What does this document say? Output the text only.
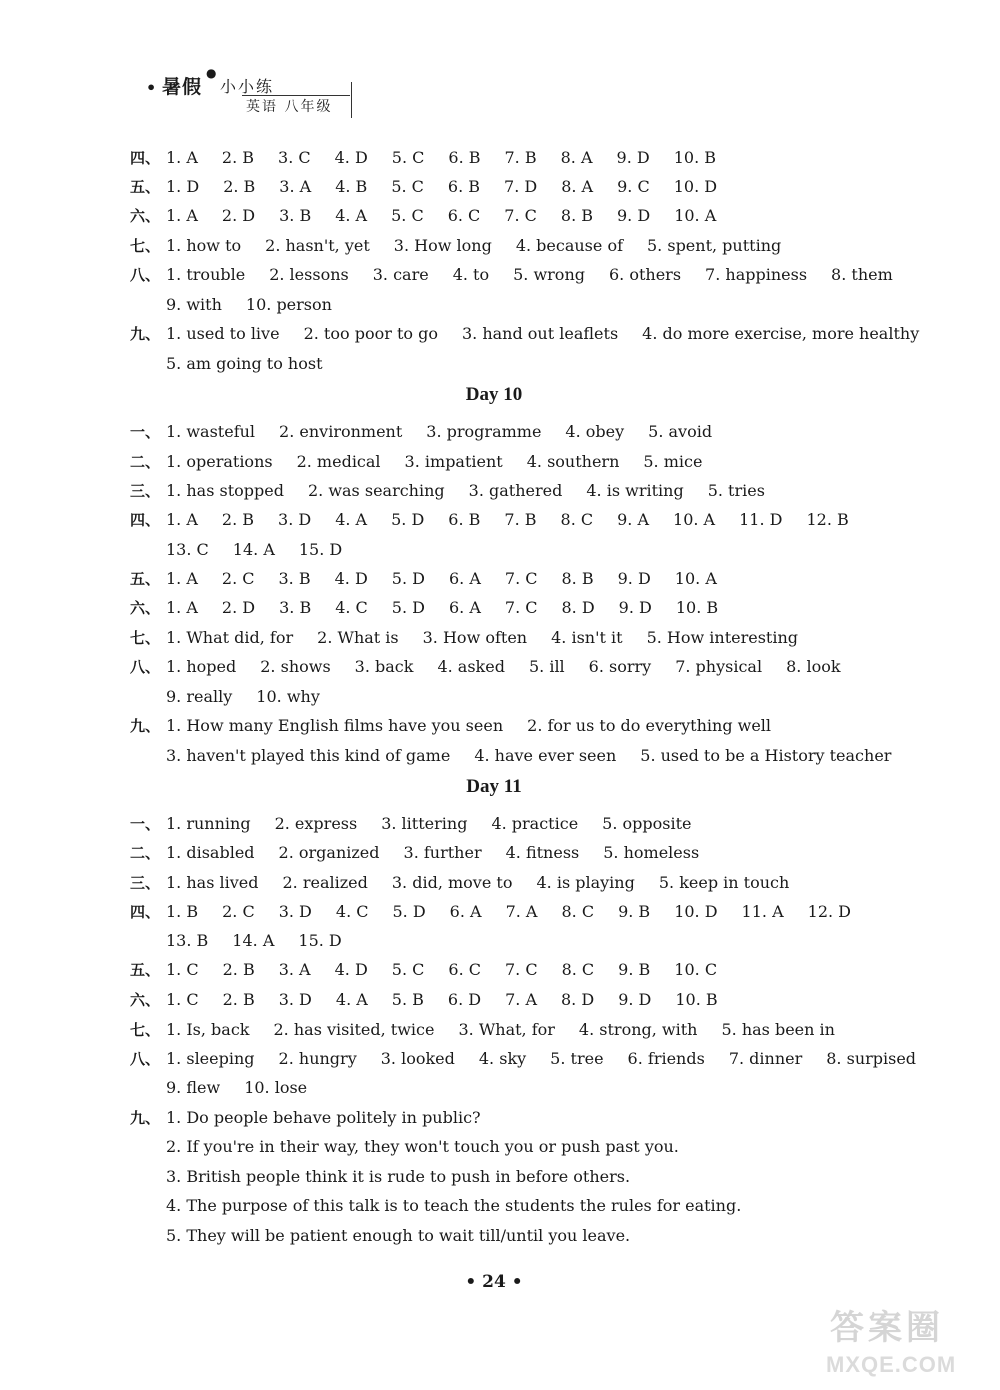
• 暑假
●
小小练
英语 八年级
四、 1. A 2. B 3. C 4. D 5. C 6. B 7. B 8. A 9. D 10. B
五、 1. D 2. B 3. A 4. B 5. C 6. B 7. D 8. A 9. C 10. D
六、 1. A 2. D 3. B 4. A 5. C 6. C 7. C 8. B 9. D 10. A
七、 1. how to 2. hasn't, yet 3. How long 4. because of 5. spent, putting
八、 1. trouble 2. lessons 3. care 4. to 5. wrong 6. others 7. happiness 8. them
9. with 10. person
九、 1. used to live 2. too poor to go 3. hand out leaflets 4. do more exercise, more healthy
5. am going to host
一、 1. wasteful 2. environment 3. programme 4. obey 5. avoid
二、 1. operations 2. medical 3. impatient 4. southern 5. mice
三、 1. has stopped 2. was searching 3. gathered 4. is writing 5. tries
四、 1. A 2. B 3. D 4. A 5. D 6. B 7. B 8. C 9. A 10. A 11. D 12. B
13. C 14. A 15. D
五、 1. A 2. C 3. B 4. D 5. D 6. A 7. C 8. B 9. D 10. A
六、 1. A 2. D 3. B 4. C 5. D 6. A 7. C 8. D 9. D 10. B
七、 1. What did, for 2. What is 3. How often 4. isn't it 5. How interesting
八、 1. hoped 2. shows 3. back 4. asked 5. ill 6. sorry 7. physical 8. look
9. really 10. why
九、 1. How many English films have you seen 2. for us to do everything well
3. haven't played this kind of game 4. have ever seen 5. used to be a History teacher
一、 1. running 2. express 3. littering 4. practice 5. opposite
二、 1. disabled 2. organized 3. further 4. fitness 5. homeless
三、 1. has lived 2. realized 3. did, move to 4. is playing 5. keep in touch
四、 1. B 2. C 3. D 4. C 5. D 6. A 7. A 8. C 9. B 10. D 11. A 12. D
13. B 14. A 15. D
五、 1. C 2. B 3. A 4. D 5. C 6. C 7. C 8. C 9. B 10. C
六、 1. C 2. B 3. D 4. A 5. B 6. D 7. A 8. D 9. D 10. B
七、 1. Is, back 2. has visited, twice 3. What, for 4. strong, with 5. has been in
八、 1. sleeping 2. hungry 3. looked 4. sky 5. tree 6. friends 7. dinner 8. surpised
9. flew 10. lose
九、 1. Do people behave politely in public?
2. If you're in their way, they won't touch you or push past you.
3. British people think it is rude to push in before others.
4. The purpose of this talk is to teach the students the rules for eating.
5. They will be patient enough to wait till/until you leave.
Day 10
Day 11
• 24 •
答案圈
MXQE.COM
